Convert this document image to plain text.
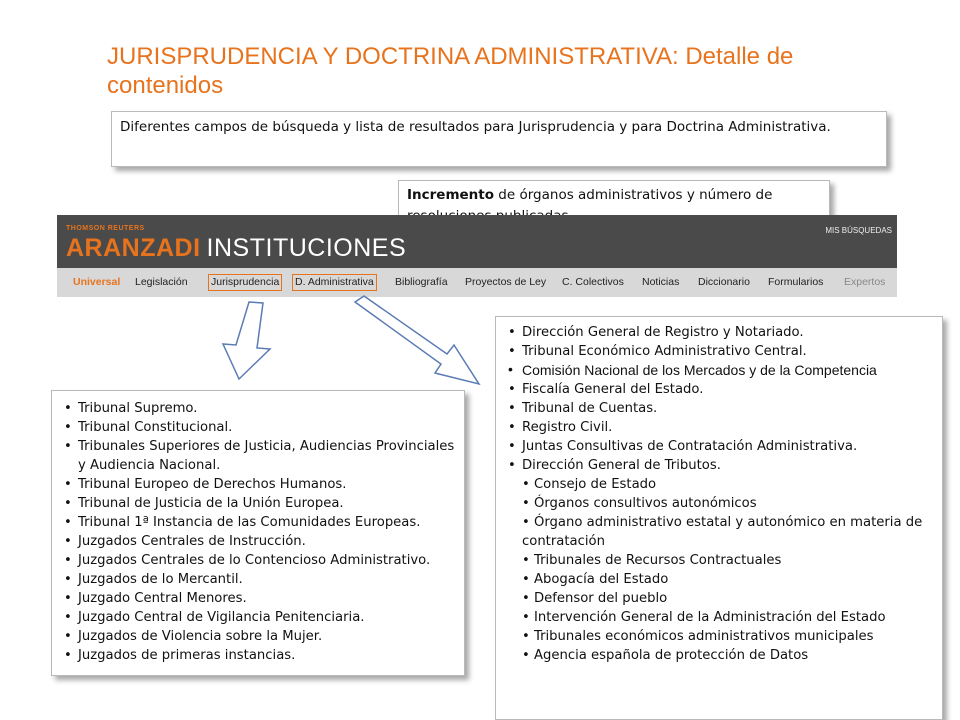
JURISPRUDENCIA Y DOCTRINA ADMINISTRATIVA: Detalle de contenidos
Diferentes campos de búsqueda y lista de resultados para Jurisprudencia y para Doctrina Administrativa.
Incremento de órganos administrativos y número de
THOMSON REUTERS
ARANZADI INSTITUCIONES
MIS BÚSQUEDAS
Universal Legislación Jurisprudencia D. Administrativa Bibliografía Proyectos de Ley C. Colectivos Noticias Diccionario Formularios Expertos
• Tribunal Supremo.
• Tribunal Constitucional.
• Tribunales Superiores de Justicia, Audiencias Provinciales y Audiencia Nacional.
• Tribunal Europeo de Derechos Humanos.
• Tribunal de Justicia de la Unión Europea.
• Tribunal 1ª Instancia de las Comunidades Europeas.
• Juzgados Centrales de Instrucción.
• Juzgados Centrales de lo Contencioso Administrativo.
• Juzgados de lo Mercantil.
• Juzgado Central Menores.
• Juzgado Central de Vigilancia Penitenciaria.
• Juzgados de Violencia sobre la Mujer.
• Juzgados de primeras instancias.
• Dirección General de Registro y Notariado.
• Tribunal Económico Administrativo Central.
• Comisión Nacional de los Mercados y de la Competencia
• Fiscalía General del Estado.
• Tribunal de Cuentas.
• Registro Civil.
• Juntas Consultivas de Contratación Administrativa.
• Dirección General de Tributos.
• Consejo de Estado
• Órganos consultivos autonómicos
• Órgano administrativo estatal y autonómico en materia de contratación
• Tribunales de Recursos Contractuales
• Abogacía del Estado
• Defensor del pueblo
• Intervención General de la Administración del Estado
• Tribunales económicos administrativos municipales
• Agencia española de protección de Datos
